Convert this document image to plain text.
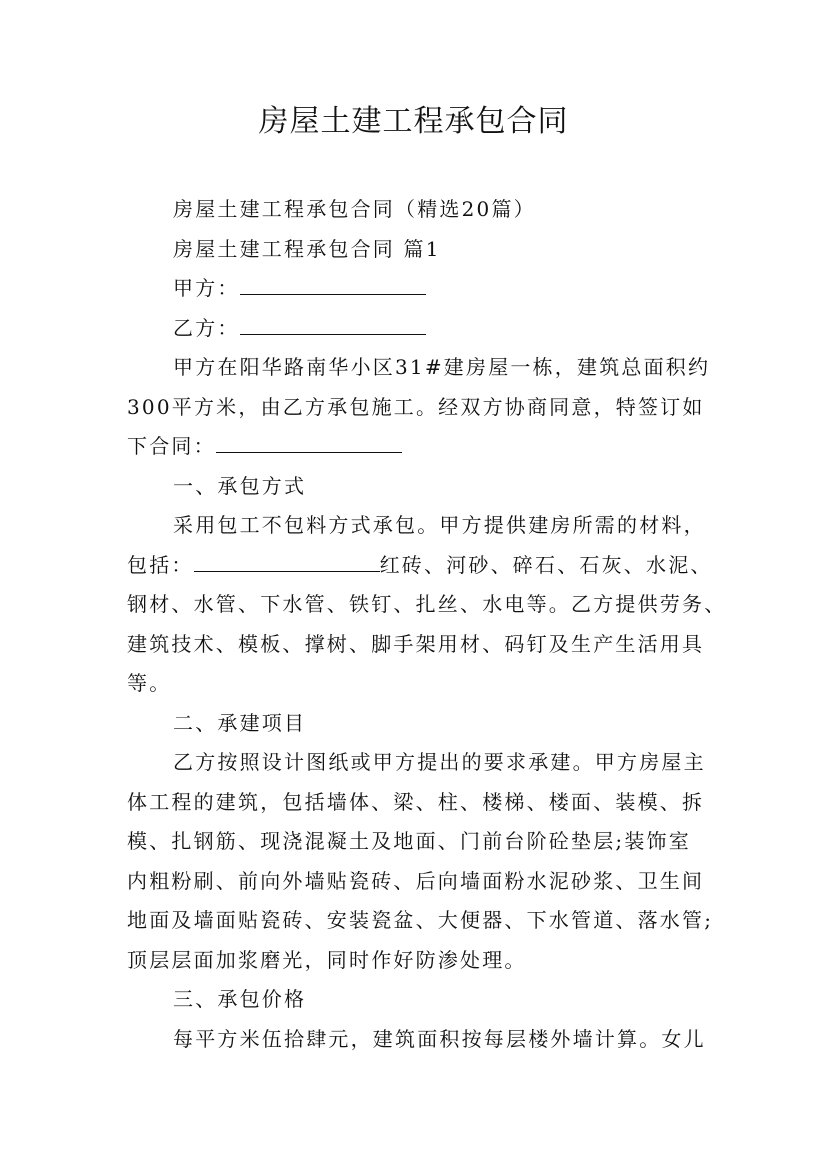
房屋土建工程承包合同
房屋土建工程承包合同（精选20篇）
房屋土建工程承包合同 篇1
甲方：
乙方：
甲方在阳华路南华小区31#建房屋一栋，建筑总面积约
300平方米，由乙方承包施工。经双方协商同意，特签订如
下合同：
一、承包方式
采用包工不包料方式承包。甲方提供建房所需的材料，
包括：	红砖、河砂、碎石、石灰、水泥、
钢材、水管、下水管、铁钉、扎丝、水电等。乙方提供劳务、
建筑技术、模板、撑树、脚手架用材、码钉及生产生活用具
等。
二、承建项目
乙方按照设计图纸或甲方提出的要求承建。甲方房屋主
体工程的建筑，包括墙体、梁、柱、楼梯、楼面、装模、拆
模、扎钢筋、现浇混凝土及地面、门前台阶砼垫层;装饰室
内粗粉刷、前向外墙贴瓷砖、后向墙面粉水泥砂浆、卫生间
地面及墙面贴瓷砖、安装瓷盆、大便器、下水管道、落水管;
顶层层面加浆磨光，同时作好防渗处理。
三、承包价格
每平方米伍拾肆元，建筑面积按每层楼外墙计算。女儿
